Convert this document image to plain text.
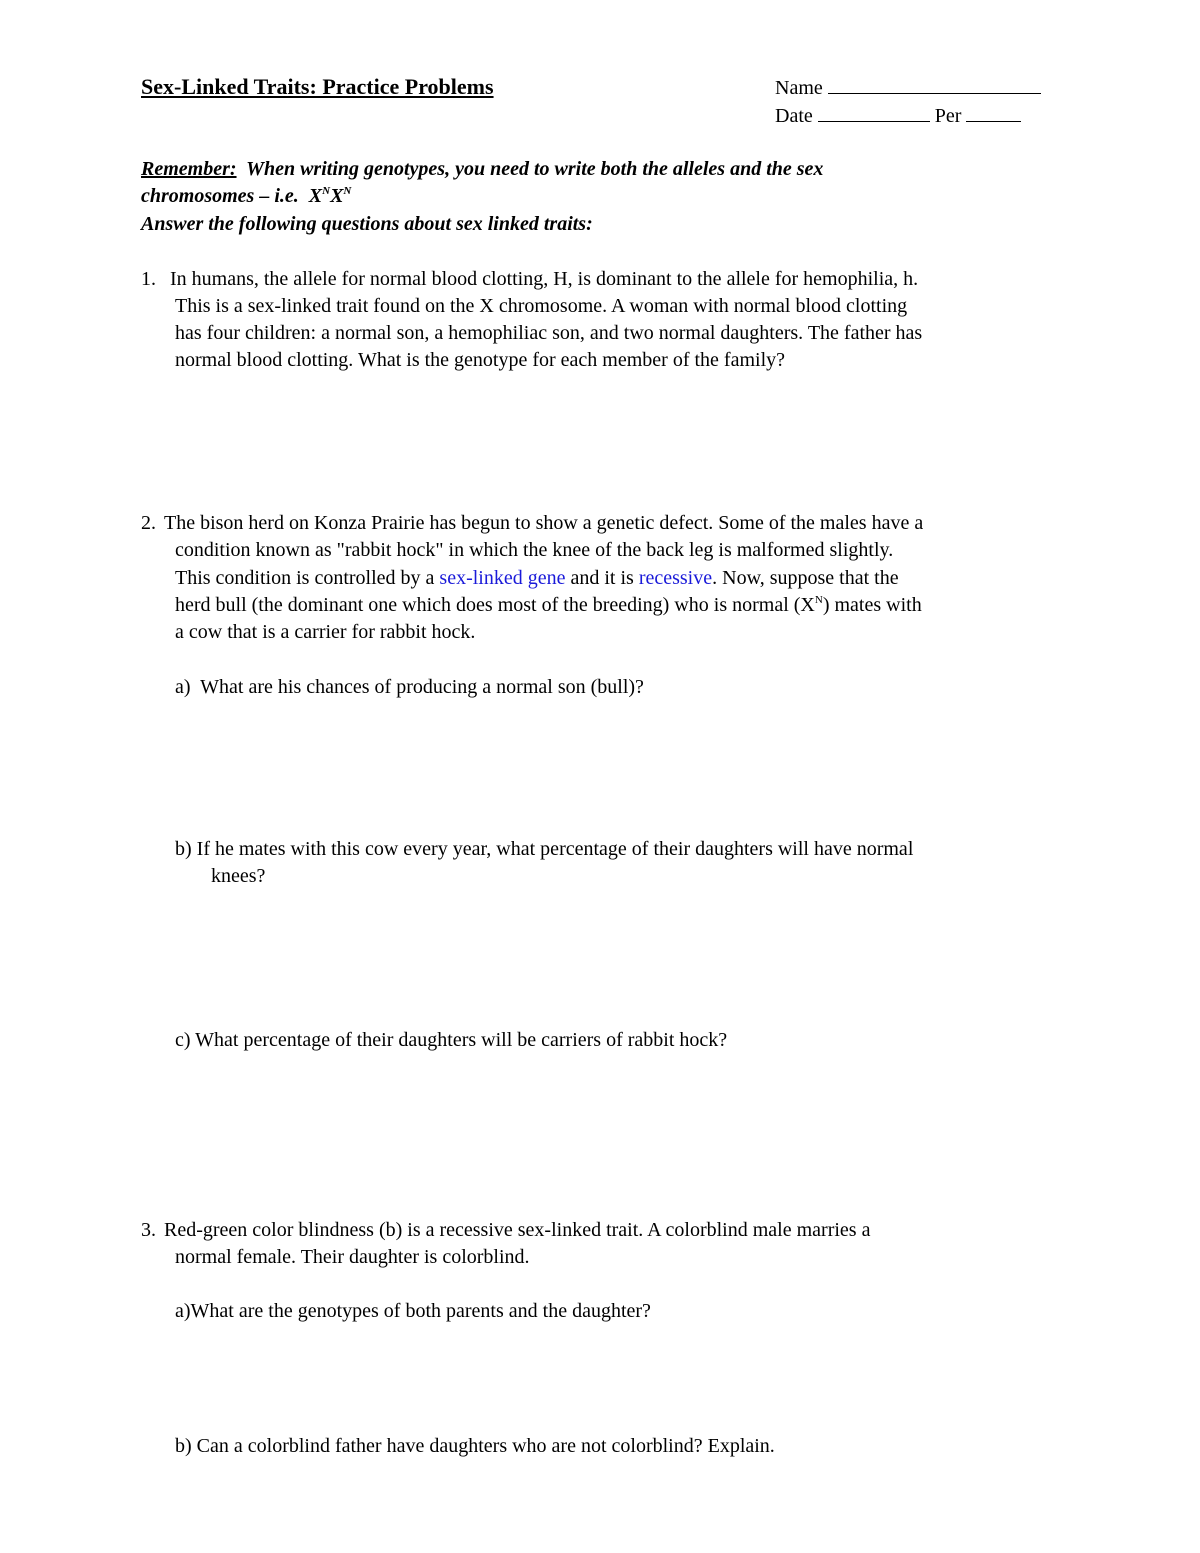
Sex-Linked Traits: Practice Problems	Name
Date	Per
Remember: When writing genotypes, you need to write both the alleles and the sex
chromosomes – i.e. $X^NX^N$
Answer the following questions about sex linked traits:
1. In humans, the allele for normal blood clotting, H, is dominant to the allele for hemophilia, h.
This is a sex-linked trait found on the X chromosome. A woman with normal blood clotting
has four children: a normal son, a hemophiliac son, and two normal daughters. The father has
normal blood clotting. What is the genotype for each member of the family?
2. The bison herd on Konza Prairie has begun to show a genetic defect. Some of the males have a
condition known as "rabbit hock" in which the knee of the back leg is malformed slightly.
This condition is controlled by a sex-linked gene and it is recessive. Now, suppose that the
herd bull (the dominant one which does most of the breeding) who is normal $(X^N)$ mates with
a cow that is a carrier for rabbit hock.
a)  What are his chances of producing a normal son (bull)?
b) If he mates with this cow every year, what percentage of their daughters will have normal
knees?
c) What percentage of their daughters will be carriers of rabbit hock?
3. Red-green color blindness (b) is a recessive sex-linked trait. A colorblind male marries a
normal female. Their daughter is colorblind.
a)What are the genotypes of both parents and the daughter?
b) Can a colorblind father have daughters who are not colorblind? Explain.
